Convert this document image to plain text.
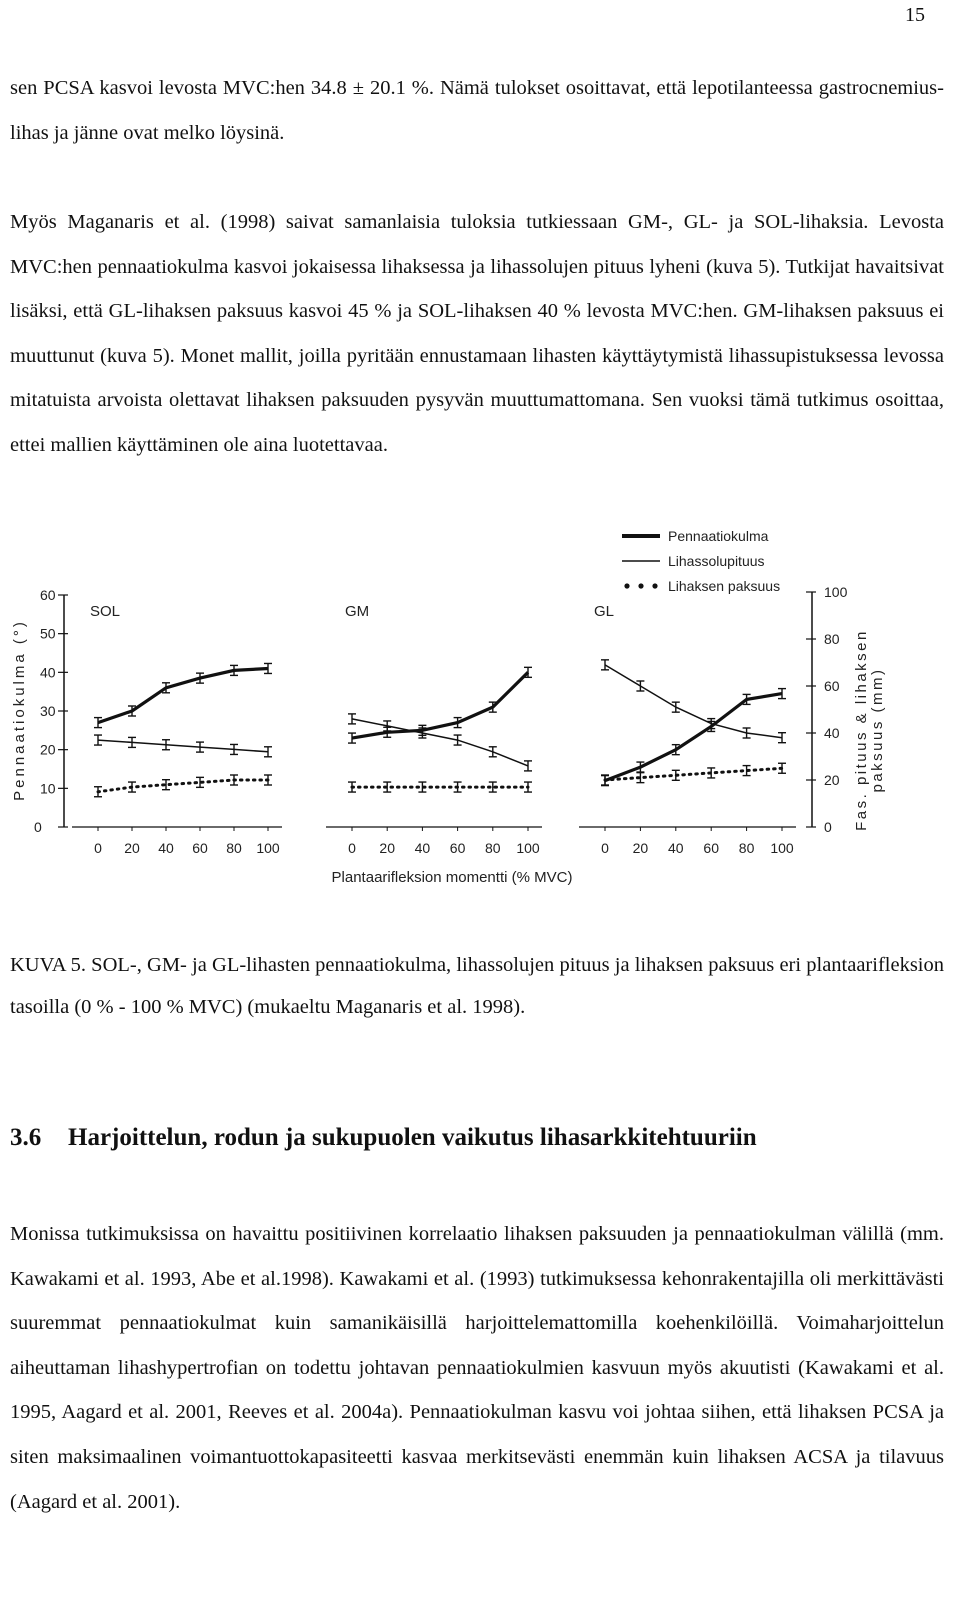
15

sen PCSA kasvoi levosta MVC:hen 34.8 ± 20.1 %. Nämä tulokset osoittavat, että lepotilanteessa gastrocnemius-lihas ja jänne ovat melko löysinä.

Myös Maganaris et al. (1998) saivat samanlaisia tuloksia tutkiessaan GM-, GL- ja SOL-lihaksia. Levosta MVC:hen pennaatiokulma kasvoi jokaisessa lihaksessa ja lihassolujen pituus lyheni (kuva 5). Tutkijat havaitsivat lisäksi, että GL-lihaksen paksuus kasvoi 45 % ja SOL-lihaksen 40 % levosta MVC:hen. GM-lihaksen paksuus ei muuttunut (kuva 5). Monet mallit, joilla pyritään ennustamaan lihasten käyttäytymistä lihassupistuksessa levossa mitatuista arvoista olettavat lihaksen paksuuden pysyvän muuttumattomana. Sen vuoksi tämä tutkimus osoittaa, ettei mallien käyttäminen ole aina luotettavaa.

Pennaatiokulma
Lihassolupituus
Lihaksen paksuus
Pennaatiokulma (°)	Fas. pituus & lihaksen paksuus (mm)
Plantaarifleksion momentti (% MVC)
0
10
20
30
40
50
60
0
20
40
60
80
100
SOL
0 20 40 60 80 100
GM
0 20 40 60 80 100
GL
0 20 40 60 80 100
KUVA 5. SOL-, GM- ja GL-lihasten pennaatiokulma, lihassolujen pituus ja lihaksen paksuus eri plantaarifleksion tasoilla (0 % - 100 % MVC) (mukaeltu Maganaris et al. 1998).
3.6 Harjoittelun, rodun ja sukupuolen vaikutus lihasarkkitehtuuriin

Monissa tutkimuksissa on havaittu positiivinen korrelaatio lihaksen paksuuden ja pennaatiokulman välillä (mm. Kawakami et al. 1993, Abe et al.1998). Kawakami et al. (1993) tutkimuksessa kehonrakentajilla oli merkittävästi suuremmat pennaatiokulmat kuin samanikäisillä harjoittelemattomilla koehenkilöillä. Voimaharjoittelun aiheuttaman lihashypertrofian on todettu johtavan pennaatiokulmien kasvuun myös akuutisti (Kawakami et al. 1995, Aagard et al. 2001, Reeves et al. 2004a). Pennaatiokulman kasvu voi johtaa siihen, että lihaksen PCSA ja siten maksimaalinen voimantuottokapasiteetti kasvaa merkitsevästi enemmän kuin lihaksen ACSA ja tilavuus (Aagard et al. 2001).
